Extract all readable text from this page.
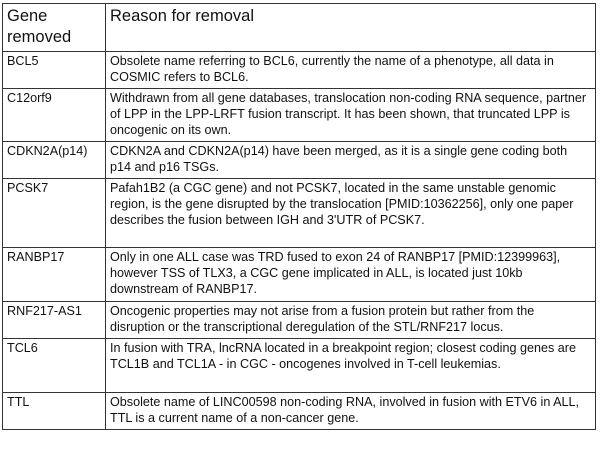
Gene removed	Reason for removal
BCL5	Obsolete name referring to BCL6, currently the name of a phenotype, all data in COSMIC refers to BCL6.
C12orf9	Withdrawn from all gene databases, translocation non-coding RNA sequence, partner of LPP in the LPP-LRFT fusion transcript. It has been shown, that truncated LPP is oncogenic on its own.
CDKN2A(p14)	CDKN2A and CDKN2A(p14) have been merged, as it is a single gene coding both p14 and p16 TSGs.
PCSK7	Pafah1B2 (a CGC gene) and not PCSK7, located in the same unstable genomic region, is the gene disrupted by the translocation [PMID:10362256], only one paper describes the fusion between IGH and 3'UTR of PCSK7.
RANBP17	Only in one ALL case was TRD fused to exon 24 of RANBP17 [PMID:12399963], however TSS of TLX3, a CGC gene implicated in ALL, is located just 10kb downstream of RANBP17.
RNF217-AS1	Oncogenic properties may not arise from a fusion protein but rather from the disruption or the transcriptional deregulation of the STL/RNF217 locus.
TCL6	In fusion with TRA, lncRNA located in a breakpoint region; closest coding genes are TCL1B and TCL1A - in CGC - oncogenes involved in T-cell leukemias.
TTL	Obsolete name of LINC00598 non-coding RNA, involved in fusion with ETV6 in ALL, TTL is a current name of a non-cancer gene.
